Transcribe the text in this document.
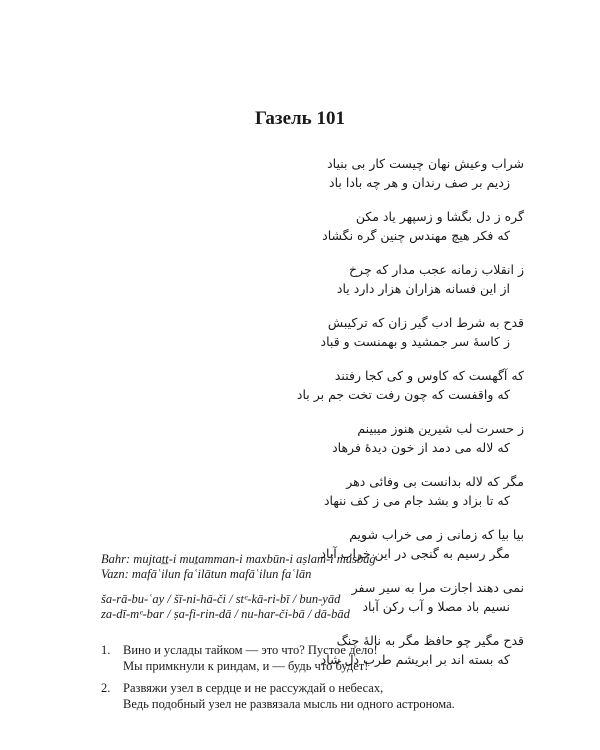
Газель 101
شراب وعیش نهان چیست کار بی بنیاد
زدیم بر صف رندان و هر چه بادا باد
گره ز دل بگشا و زسپهر یاد مکن
که فکر هیچ مهندس چنین گره نگشاد
ز انقلاب زمانه عجب مدار که چرخ
از این فسانه هزاران هزار دارد یاد
قدح به شرط ادب گیر زان که ترکیبش
ز کاسهٔ سر جمشید و بهمنست و قباد
که آگهست که کاوس و کی کجا رفتند
که واقفست که چون رفت تخت جم بر باد
ز حسرت لب شیرین هنوز میبینم
که لاله می دمد از خون دیدهٔ فرهاد
مگر که لاله بدانست بی وفائی دهر
که تا بزاد و بشد جام می ز کف ننهاد
بیا بیا که زمانی ز می خراب شویم
مگر رسیم به گنجی در این خراب آباد
نمی دهند اجازت مرا به سیر سفر
نسیم باد مصلا و آب رکن آباد
قدح مگیر چو حافظ مگر به نالهٔ چنگ
که بسته اند بر ابریشم طرب دل شاد
Bahr: mujtaṯṯ-i muṯamman-i maxbūn-i aṣlam-i musbaġ
Vazn: mafāʿilun faʿilātun mafāʿilun faʿlān
šа-rā-bu-ʿay / šī-ni-hā-či / stᵉ-kā-ri-bī / bun-yād
za-dī-mᵉ-bar / ṣa-fi-rin-dā / nu-har-či-bā / dā-bād
1. Вино и услады тайком — это что? Пустое дело!
Мы примкнули к риндам, и — будь что будет!
2. Развяжи узел в сердце и не рассуждай о небесах,
Ведь подобный узел не развязала мысль ни одного астронома.
